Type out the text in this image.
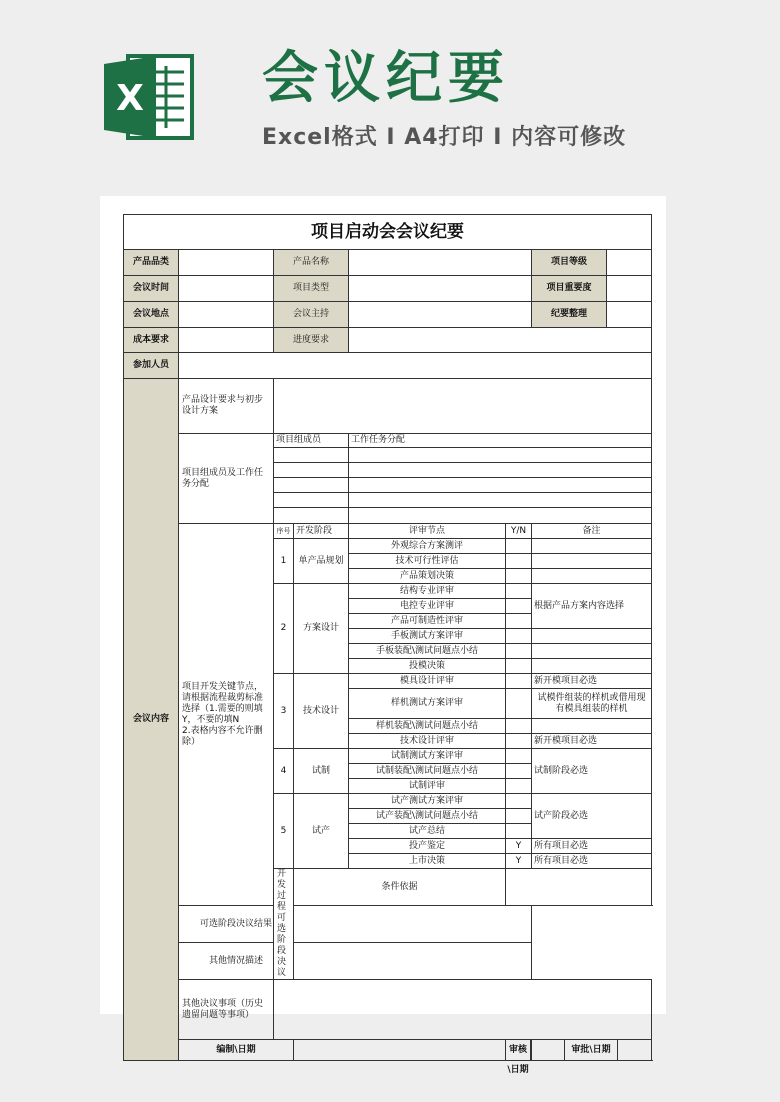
X 会议纪要
Excel格式 I A4打印 I 内容可修改
项目启动会会议纪要						
产品品类		产品名称				项目等级

会议时间		项目类型				项目重要度

会议地点		会议主持				纪要整理

成本要求		进度要求				
参加人员						
会议内容	产品设计要求与初步设计方案					
	项目组成员及工作任务分配	项目组成员		工作任务分配		

	项目开发关键节点，请根据流程裁剪标准选择（1.需要的则填Y，不要的填N
2.表格内容不允许删除）	序号	开发阶段	评审节点	Y/N	备注
		1	单产品规划	外观综合方案测评		
				技术可行性评估		
				产品策划决策		
		2	方案设计	结构专业评审		根据产品方案内容选择
				电控专业评审		
				产品可制造性评审		
				手板测试方案评审		
				手板装配\测试问题点小结		
				投模决策		
		3	技术设计	模具设计评审		新开模项目必选
				样机测试方案评审		试模件组装的样机或借用现有模具组装的样机
				样机装配\测试问题点小结		
				技术设计评审		新开模项目必选
		4	试制	试制测试方案评审		试制阶段必选
				试制装配\测试问题点小结		
				试制评审		
		5	试产	试产测试方案评审		试产阶段必选
				试产装配\测试问题点小结		
				试产总结		
				投产鉴定	Y	所有项目必选
				上市决策	Y	所有项目必选
		开发过程可选阶段决议	条件依据			
	可选阶段决议结果					
	其他情况描述					
	其他决议事项（历史遗留问题等事项）					
	编制\日期				审核\日期	审批\日期
